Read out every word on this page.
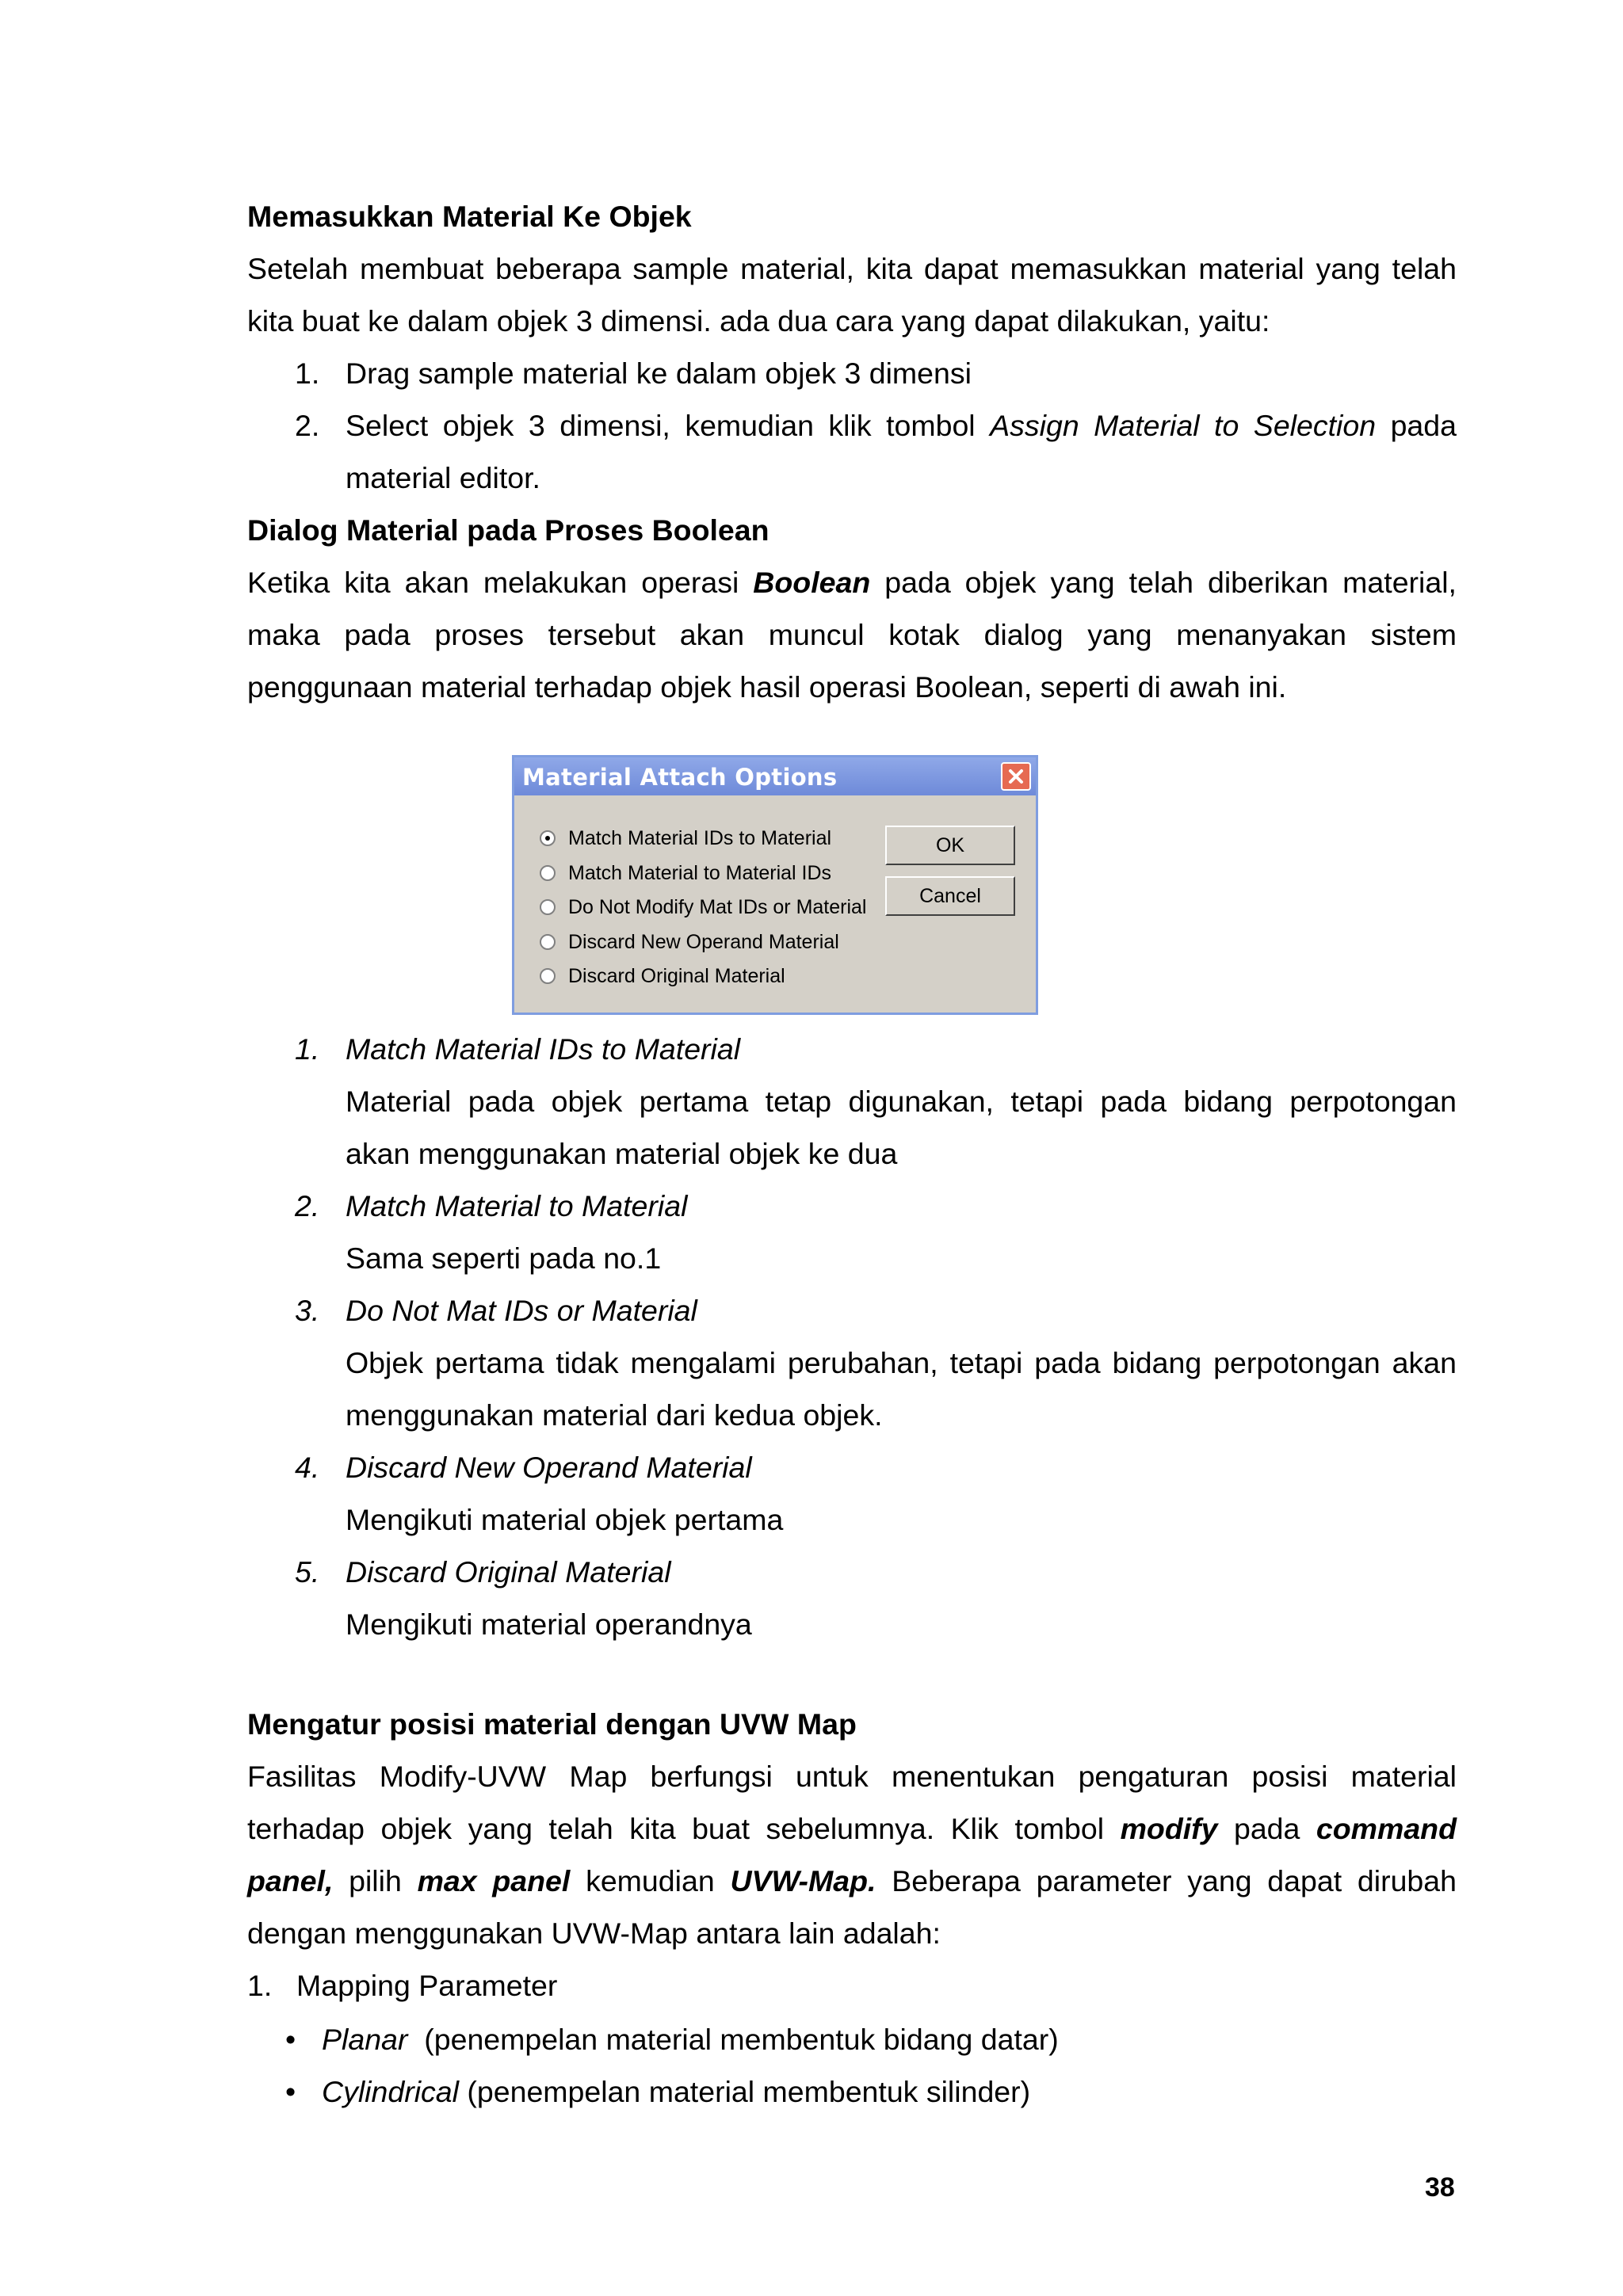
Memasukkan Material Ke Objek
Setelah membuat beberapa sample material, kita dapat memasukkan material yang telah
kita buat ke dalam objek 3 dimensi. ada dua cara yang dapat dilakukan, yaitu:
1. Drag sample material ke dalam objek 3 dimensi
2. Select objek 3 dimensi, kemudian klik tombol Assign Material to Selection pada
material editor.
Dialog Material pada Proses Boolean
Ketika kita akan melakukan operasi Boolean pada objek yang telah diberikan material,
maka pada proses tersebut akan muncul kotak dialog yang menanyakan sistem
penggunaan material terhadap objek hasil operasi Boolean, seperti di awah ini.
Material Attach Options
Match Material IDs to Material
Match Material to Material IDs
Do Not Modify Mat IDs or Material
Discard New Operand Material
Discard Original Material
OK
Cancel
1. Match Material IDs to Material
Material pada objek pertama tetap digunakan, tetapi pada bidang perpotongan
akan menggunakan material objek ke dua
2. Match Material to Material
Sama seperti pada no.1
3. Do Not Mat IDs or Material
Objek pertama tidak mengalami perubahan, tetapi pada bidang perpotongan akan
menggunakan material dari kedua objek.
4. Discard New Operand Material
Mengikuti material objek pertama
5. Discard Original Material
Mengikuti material operandnya
Mengatur posisi material dengan UVW Map
Fasilitas Modify-UVW Map berfungsi untuk menentukan pengaturan posisi material
terhadap objek yang telah kita buat sebelumnya. Klik tombol modify pada command
panel, pilih max panel kemudian UVW-Map. Beberapa parameter yang dapat dirubah
dengan menggunakan UVW-Map antara lain adalah:
1. Mapping Parameter
• Planar  (penempelan material membentuk bidang datar)
• Cylindrical (penempelan material membentuk silinder)
38
